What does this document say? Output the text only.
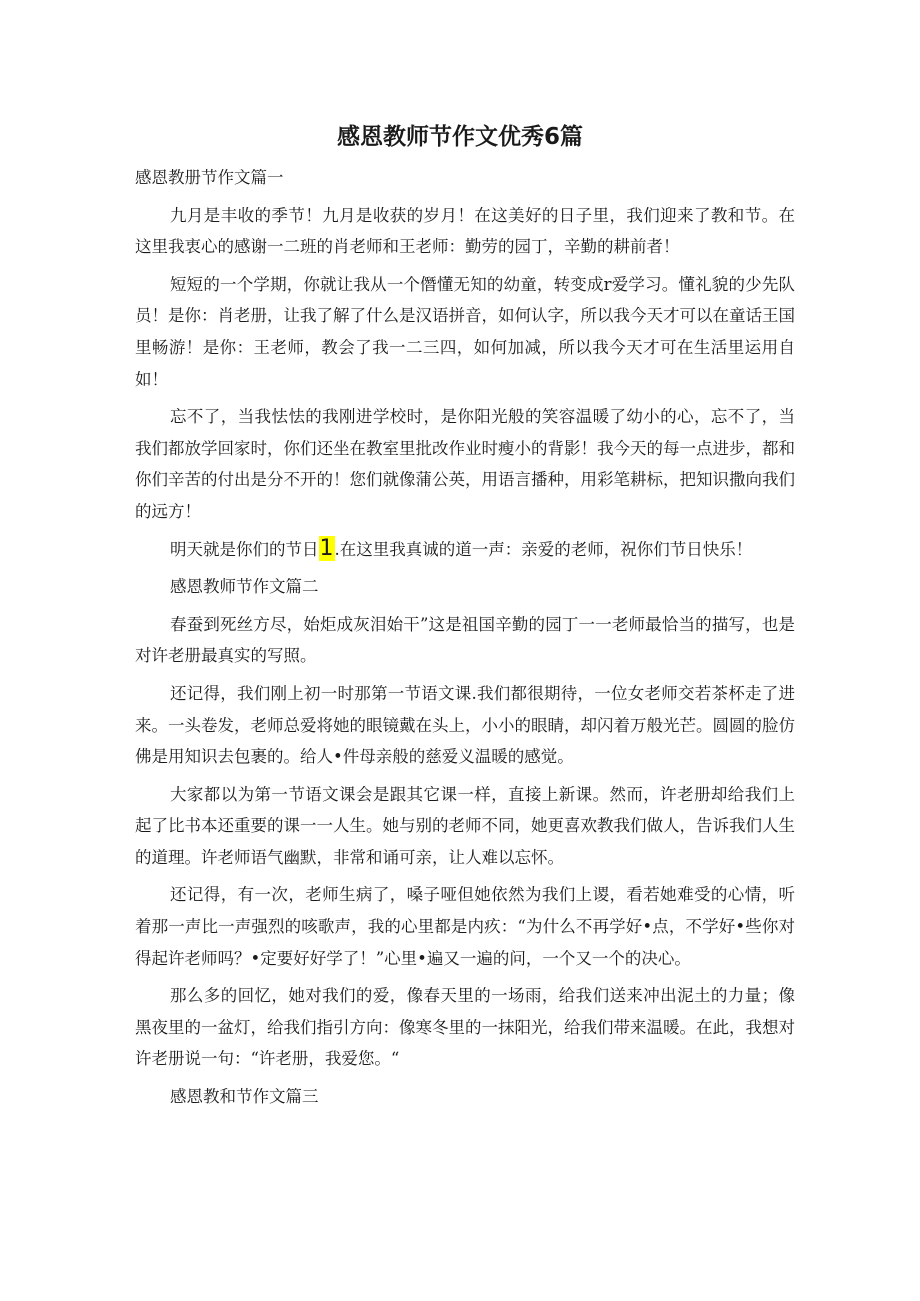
感恩教师节作文优秀6篇

感恩教册节作文篇一

九月是丰收的季节！九月是收获的岁月！在这美好的日子里，我们迎来了教和节。在这里我衷心的感谢一二班的肖老师和王老师：勤劳的园丁，辛勤的耕前者！

短短的一个学期，你就让我从一个僭懂无知的幼童，转变成r爱学习。懂礼貌的少先队员！是你：肖老册，让我了解了什么是汉语拼音，如何认字，所以我今天才可以在童话王国里畅游！是你：王老师，教会了我一二三四，如何加减，所以我今天才可在生活里运用自如！

忘不了，当我怯怯的我刚进学校时，是你阳光般的笑容温暖了幼小的心，忘不了，当我们都放学回家时，你们还坐在教室里批改作业时瘦小的背影！我今天的每一点进步，都和你们辛苦的付出是分不开的！您们就像蒲公英，用语言播种，用彩笔耕标，把知识撒向我们的远方！

明天就是你们的节日1.在这里我真诚的道一声：亲爱的老师，祝你们节日快乐！

感恩教师节作文篇二

春蚕到死丝方尽，始炬成灰泪始干”这是祖国辛勤的园丁一一老师最恰当的描写，也是对许老册最真实的写照。

还记得，我们刚上初一时那第一节语文课.我们都很期待，一位女老师交若茶杯走了进来。一头卷发，老师总爱将她的眼镜戴在头上，小小的眼睛，却闪着万般光芒。圆圆的脸仿佛是用知识去包裹的。给人•件母亲般的慈爱义温暖的感觉。

大家都以为第一节语文课会是跟其它课一样，直接上新课。然而，许老册却给我们上起了比书本还重要的课一一人生。她与别的老师不同，她更喜欢教我们做人，告诉我们人生的道理。许老师语气幽默，非常和诵可亲，让人难以忘怀。

还记得，有一次，老师生病了，嗓子哑但她依然为我们上谡，看若她难受的心情，听着那一声比一声强烈的咳歌声，我的心里都是内疚：“为什么不再学好•点，不学好•些你对得起许老师吗？•定要好好学了！”心里•遍又一遍的问，一个又一个的决心。

那么多的回忆，她对我们的爱，像春天里的一场雨，给我们送来冲出泥土的力量；像黑夜里的一盆灯，给我们指引方向：像寒冬里的一抹阳光，给我们带来温暖。在此，我想对许老册说一句：“许老册，我爱您。“

感恩教和节作文篇三
